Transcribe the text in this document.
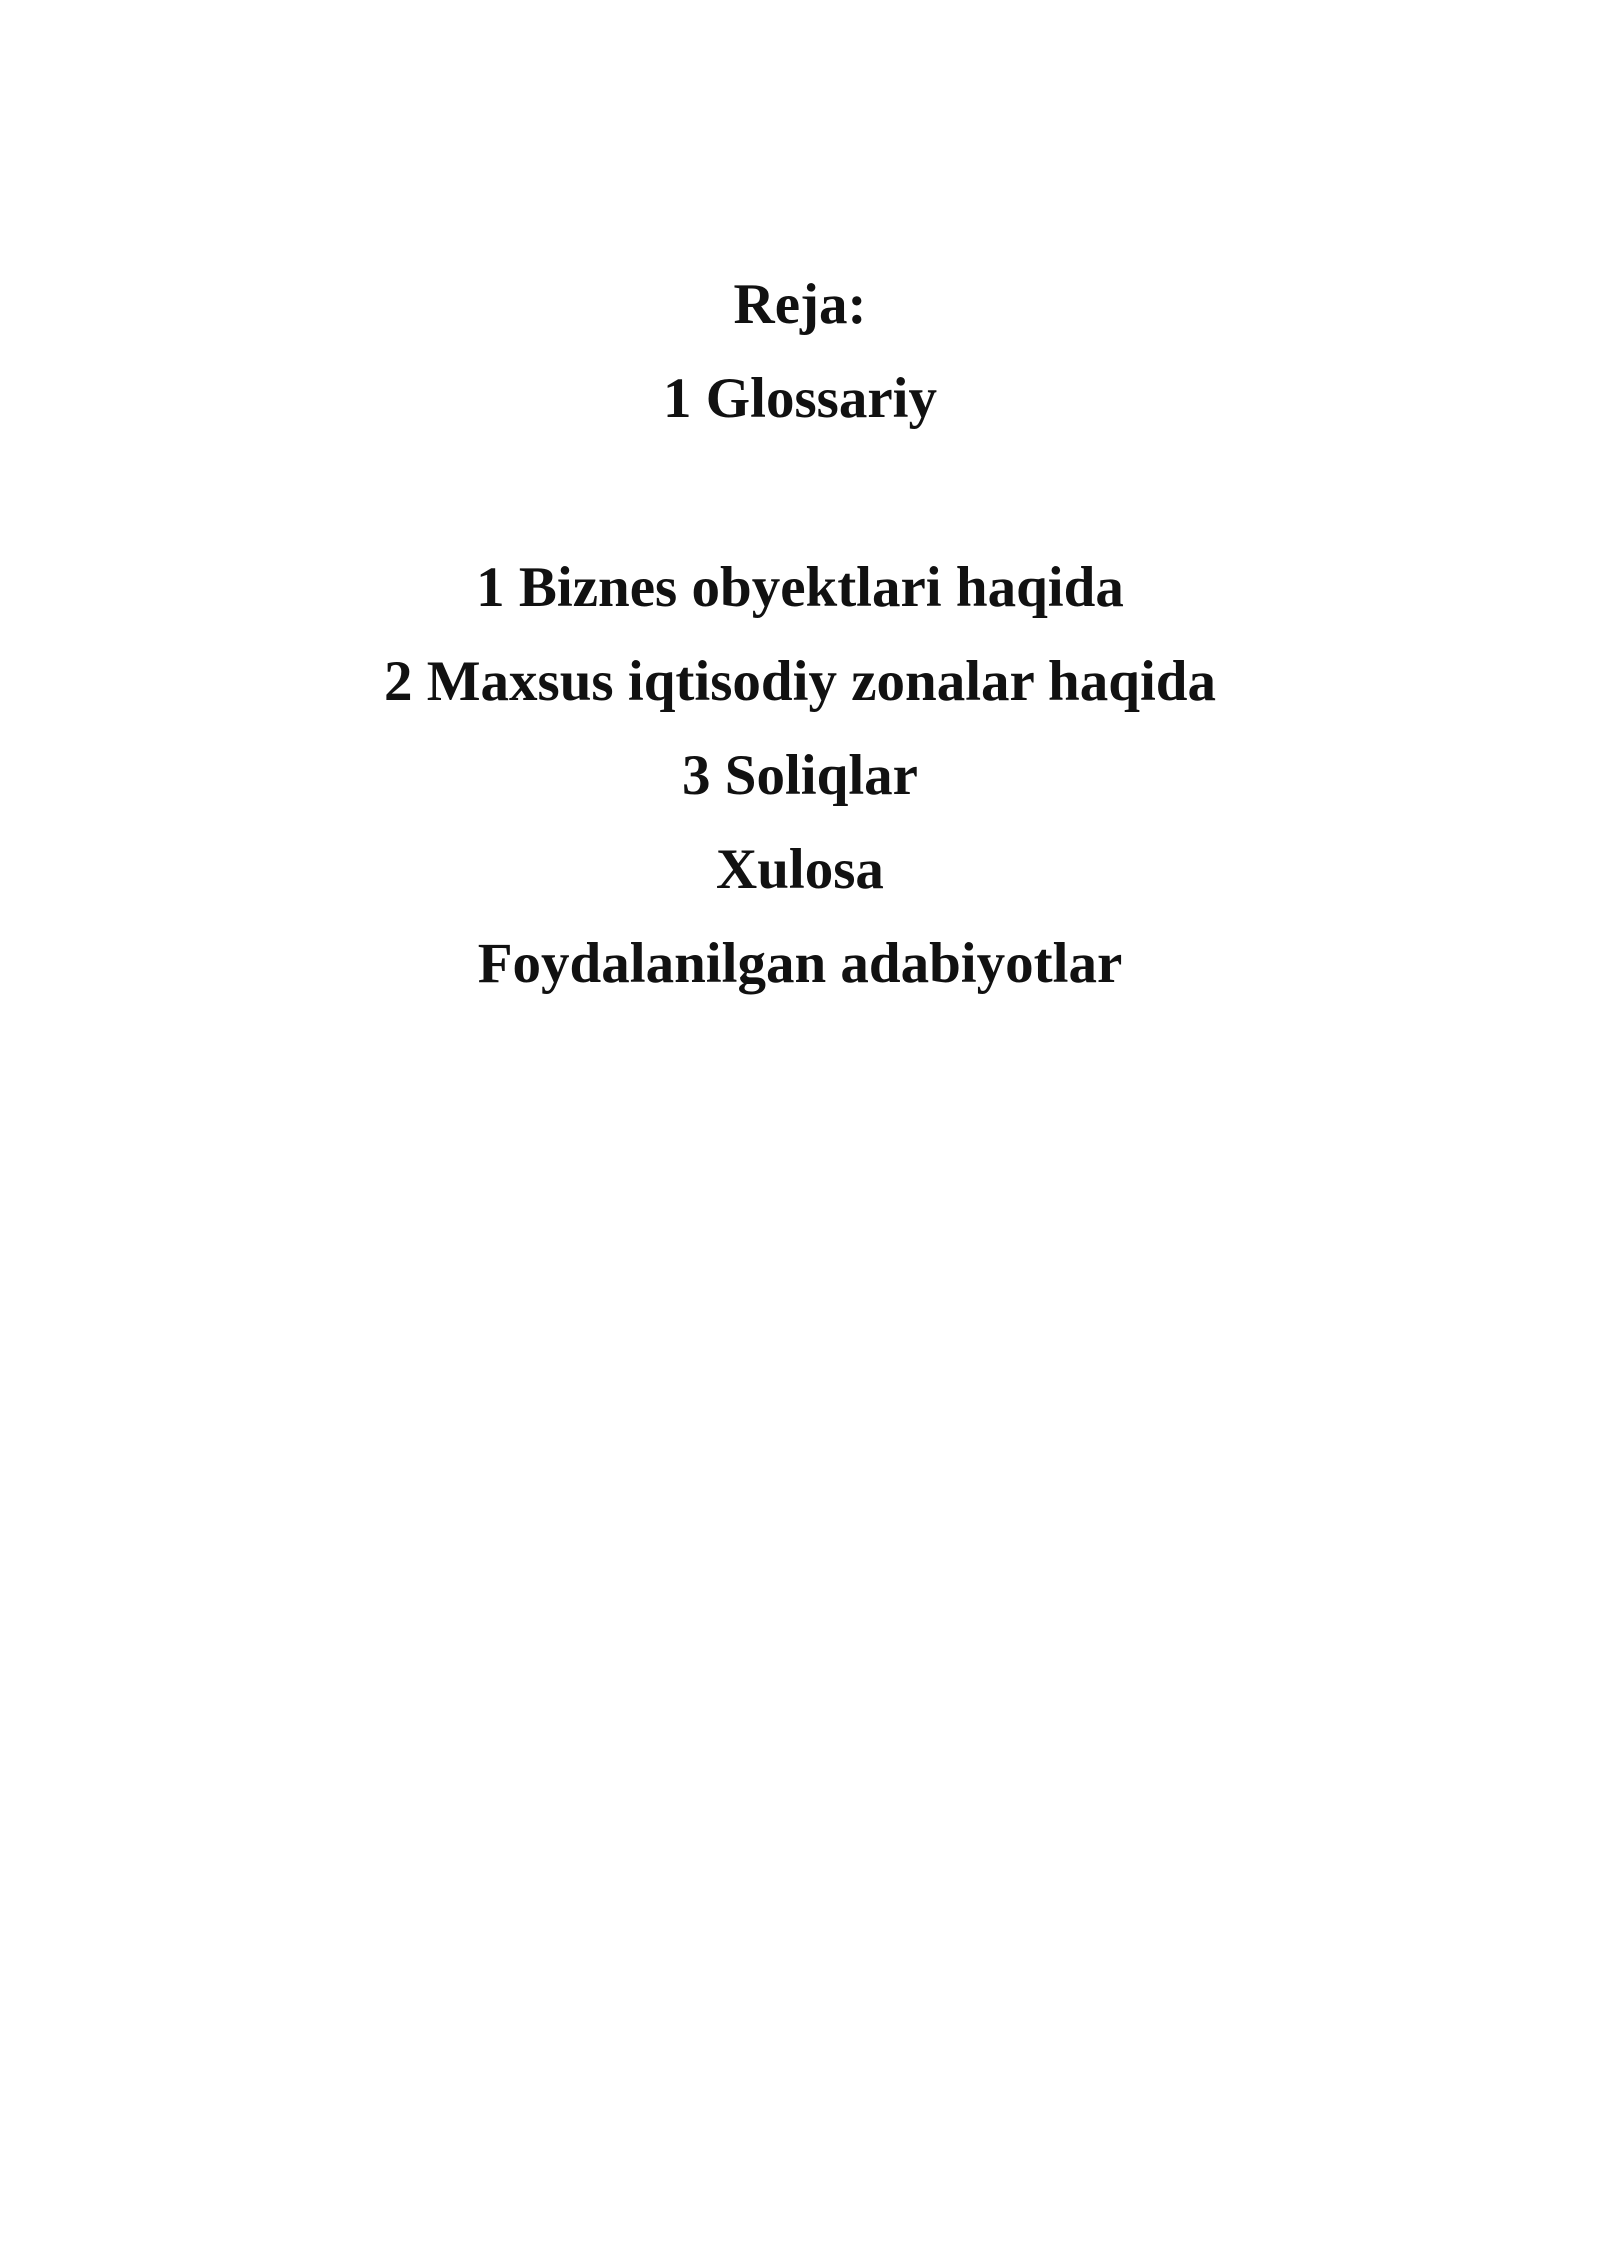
Reja:
1 Glossariy
1 Biznes obyektlari haqida
2 Maxsus iqtisodiy zonalar haqida
3 Soliqlar
Xulosa
Foydalanilgan adabiyotlar
